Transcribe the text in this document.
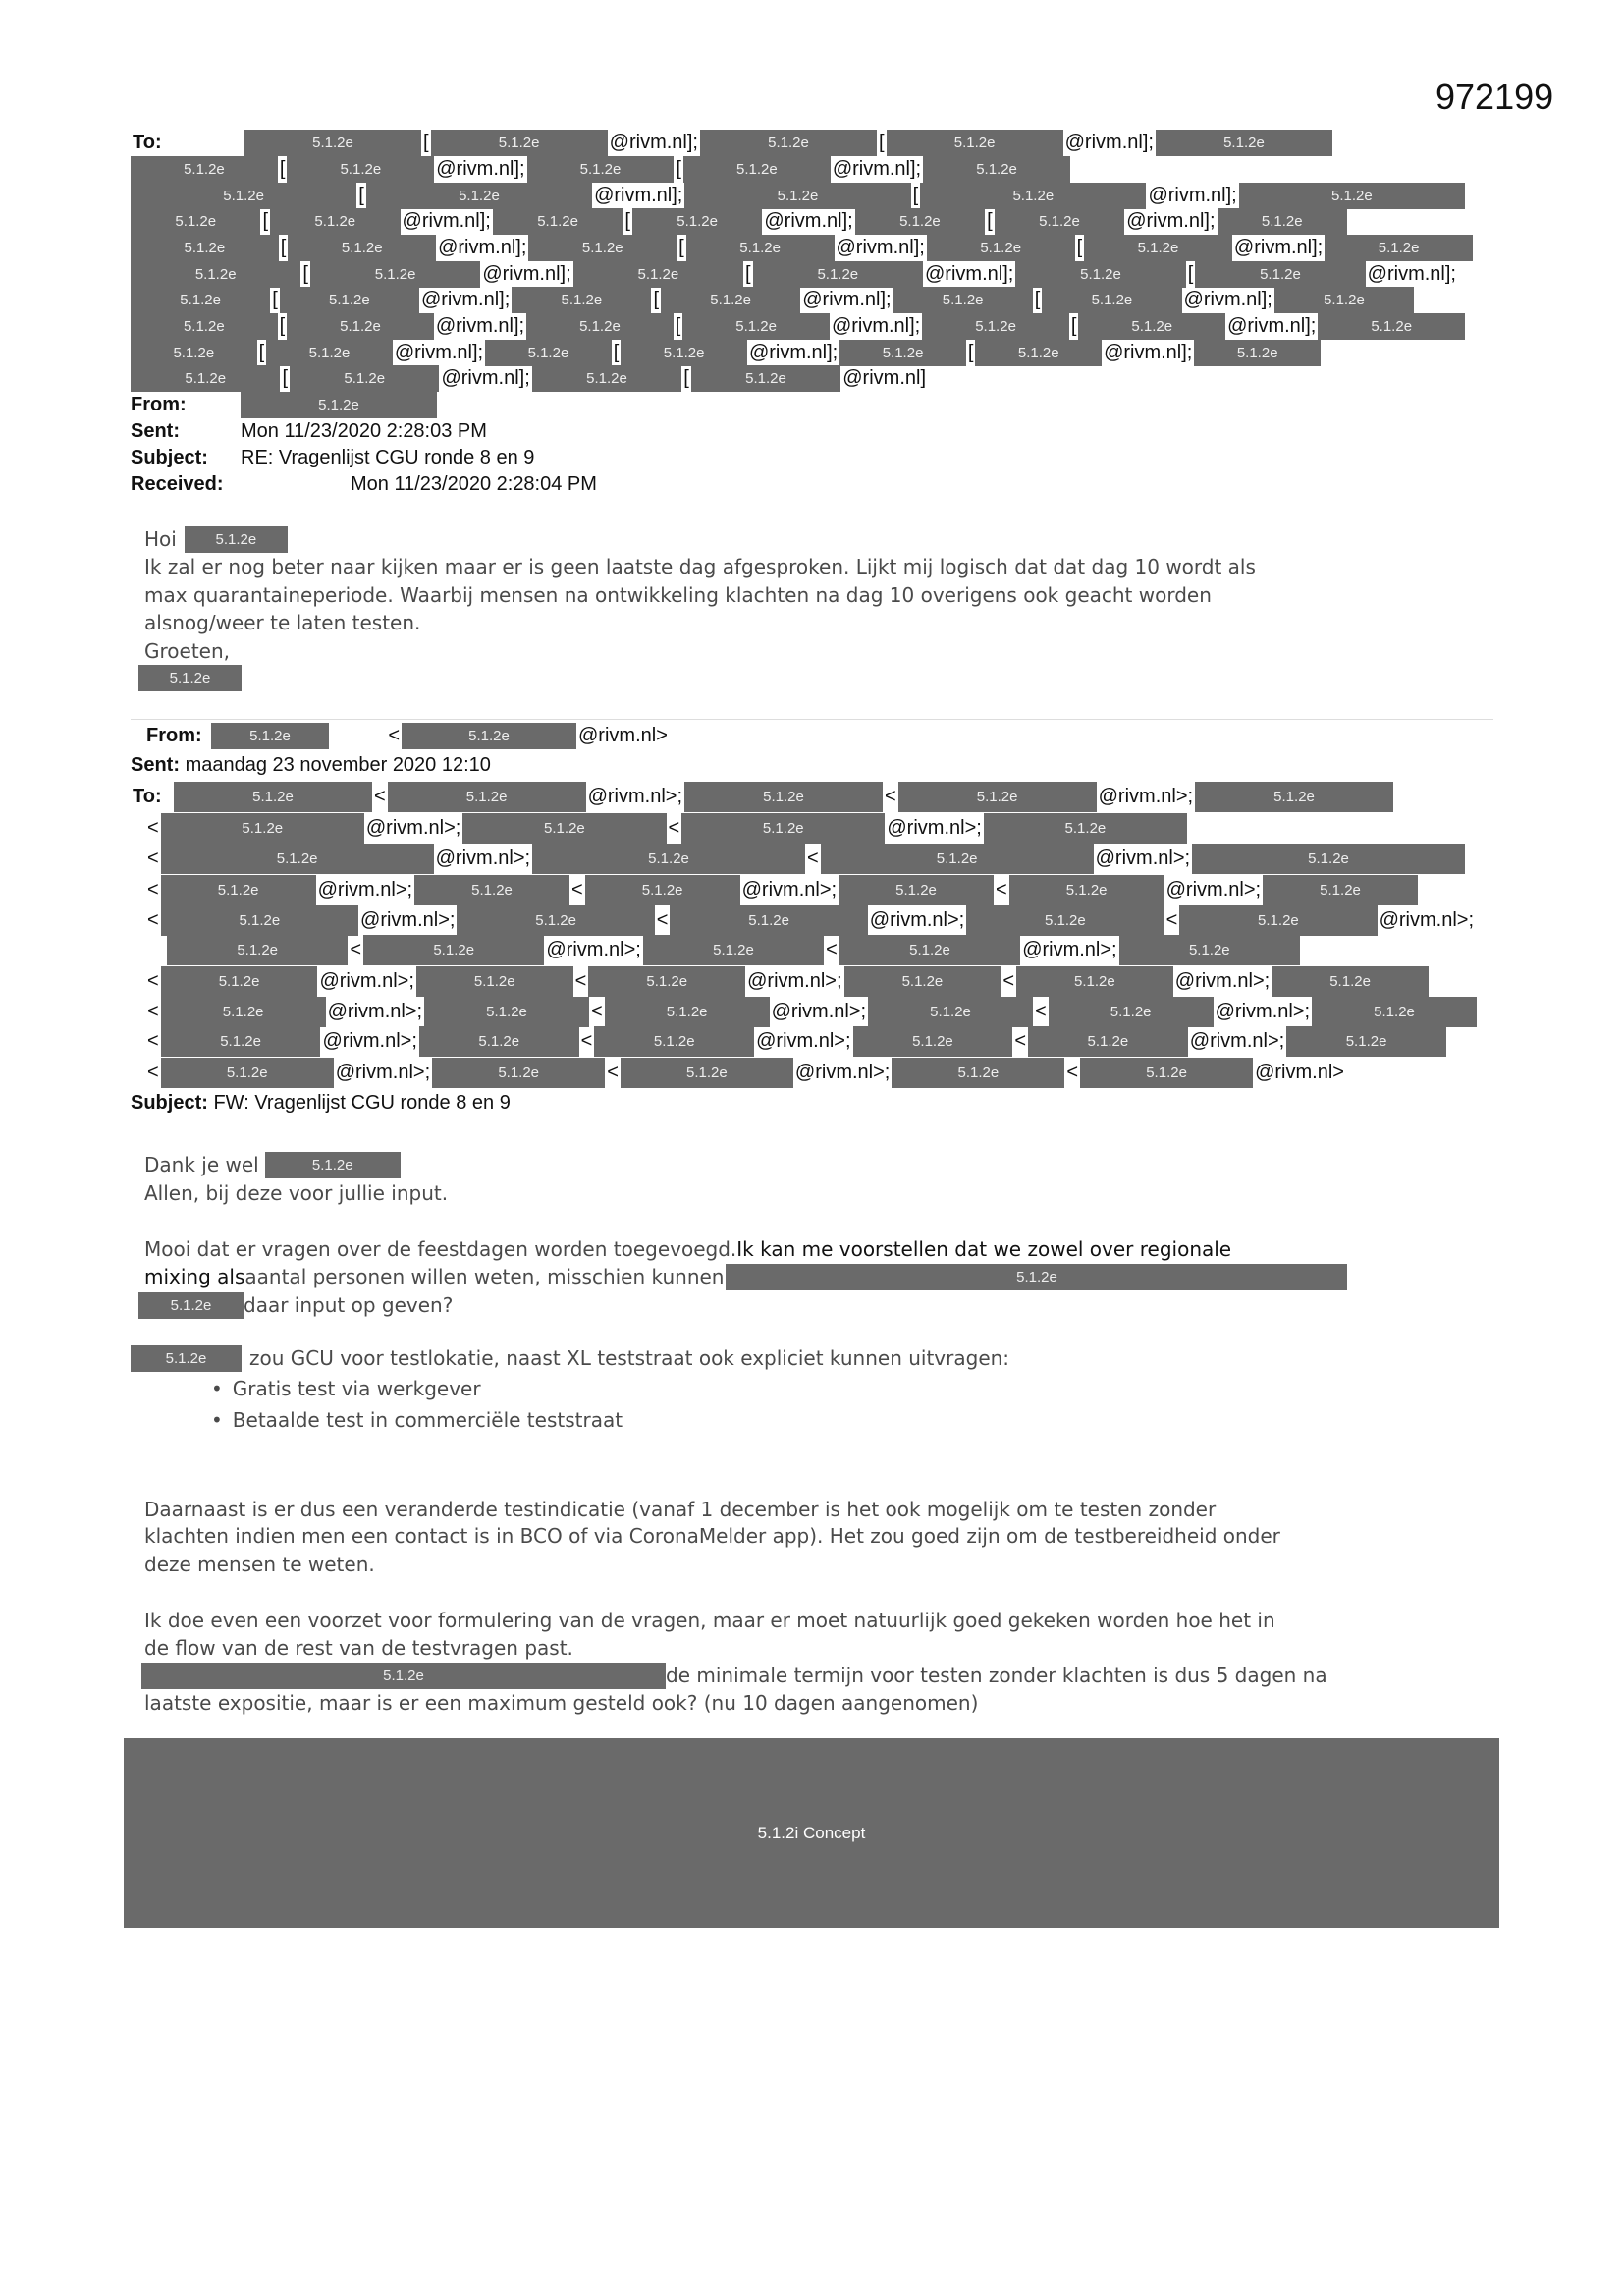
972199
To:	5.1.2e	[	5.1.2e	@rivm.nl];	5.1.2e	[	5.1.2e	@rivm.nl];	5.1.2e
5.1.2e	[	5.1.2e	@rivm.nl];	5.1.2e	[	5.1.2e	@rivm.nl];	5.1.2e
5.1.2e	[	5.1.2e	@rivm.nl];	5.1.2e	[	5.1.2e	@rivm.nl];	5.1.2e
5.1.2e	[	5.1.2e	@rivm.nl];	5.1.2e	[	5.1.2e	@rivm.nl];	5.1.2e	[	5.1.2e	@rivm.nl];	5.1.2e
5.1.2e	[	5.1.2e	@rivm.nl];	5.1.2e	[	5.1.2e	@rivm.nl];	5.1.2e	[	5.1.2e	@rivm.nl];	5.1.2e
5.1.2e	[	5.1.2e	@rivm.nl];	5.1.2e	[	5.1.2e	@rivm.nl];	5.1.2e	[	5.1.2e	@rivm.nl];
5.1.2e	[	5.1.2e	@rivm.nl];	5.1.2e	[	5.1.2e	@rivm.nl];	5.1.2e	[	5.1.2e	@rivm.nl];	5.1.2e
5.1.2e	[	5.1.2e	@rivm.nl];	5.1.2e	[	5.1.2e	@rivm.nl];	5.1.2e	[	5.1.2e	@rivm.nl];	5.1.2e
5.1.2e	[	5.1.2e	@rivm.nl];	5.1.2e	[	5.1.2e	@rivm.nl];	5.1.2e	[	5.1.2e	@rivm.nl];	5.1.2e
5.1.2e	[	5.1.2e	@rivm.nl];	5.1.2e	[	5.1.2e	@rivm.nl]
From:	5.1.2e
Sent:	Mon 11/23/2020 2:28:03 PM
Subject: RE: Vragenlijst CGU ronde 8 en 9
Received:	Mon 11/23/2020 2:28:04 PM
Hoi	5.1.2e
Ik zal er nog beter naar kijken maar er is geen laatste dag afgesproken. Lijkt mij logisch dat dat dag 10 wordt als
max quarantaineperiode. Waarbij mensen na ontwikkeling klachten na dag 10 overigens ook geacht worden
alsnog/weer te laten testen.
Groeten,
5.1.2e
From:	5.1.2e	<	5.1.2e	@rivm.nl>
Sent: maandag 23 november 2020 12:10
To:	5.1.2e	<	5.1.2e	@rivm.nl>;	5.1.2e	<	5.1.2e	@rivm.nl>;	5.1.2e
<	5.1.2e	@rivm.nl>;	5.1.2e	<	5.1.2e	@rivm.nl>;	5.1.2e
<	5.1.2e	@rivm.nl>;	5.1.2e	<	5.1.2e	@rivm.nl>;	5.1.2e
<	5.1.2e	@rivm.nl>;	5.1.2e	<	5.1.2e	@rivm.nl>;	5.1.2e	<	5.1.2e	@rivm.nl>;	5.1.2e
<	5.1.2e	@rivm.nl>;	5.1.2e	<	5.1.2e	@rivm.nl>;	5.1.2e	<	5.1.2e	@rivm.nl>;
5.1.2e	<	5.1.2e	@rivm.nl>;	5.1.2e	<	5.1.2e	@rivm.nl>;	5.1.2e
<	5.1.2e	@rivm.nl>;	5.1.2e	<	5.1.2e	@rivm.nl>;	5.1.2e	<	5.1.2e	@rivm.nl>;	5.1.2e
<	5.1.2e	@rivm.nl>;	5.1.2e	<	5.1.2e	@rivm.nl>;	5.1.2e	<	5.1.2e	@rivm.nl>;	5.1.2e
<	5.1.2e	@rivm.nl>;	5.1.2e	<	5.1.2e	@rivm.nl>;	5.1.2e	<	5.1.2e	@rivm.nl>;	5.1.2e
<	5.1.2e	@rivm.nl>;	5.1.2e	<	5.1.2e	@rivm.nl>;	5.1.2e	<	5.1.2e	@rivm.nl>
Subject: FW: Vragenlijst CGU ronde 8 en 9
Dank je wel	5.1.2e
Allen, bij deze voor jullie input.
Mooi dat er vragen over de feestdagen worden toegevoegd. Ik kan me voorstellen dat we zowel over regionale
mixing als aantal personen willen weten, misschien kunnen	5.1.2e
5.1.2e	daar input op geven?
5.1.2e	zou GCU voor testlokatie, naast XL teststraat ook expliciet kunnen uitvragen:
• Gratis test via werkgever
• Betaalde test in commerciële teststraat
Daarnaast is er dus een veranderde testindicatie (vanaf 1 december is het ook mogelijk om te testen zonder
klachten indien men een contact is in BCO of via CoronaMelder app). Het zou goed zijn om de testbereidheid onder
deze mensen te weten.
Ik doe even een voorzet voor formulering van de vragen, maar er moet natuurlijk goed gekeken worden hoe het in
de flow van de rest van de testvragen past.
5.1.2e	de minimale termijn voor testen zonder klachten is dus 5 dagen na
laatste expositie, maar is er een maximum gesteld ook? (nu 10 dagen aangenomen)
5.1.2i Concept
